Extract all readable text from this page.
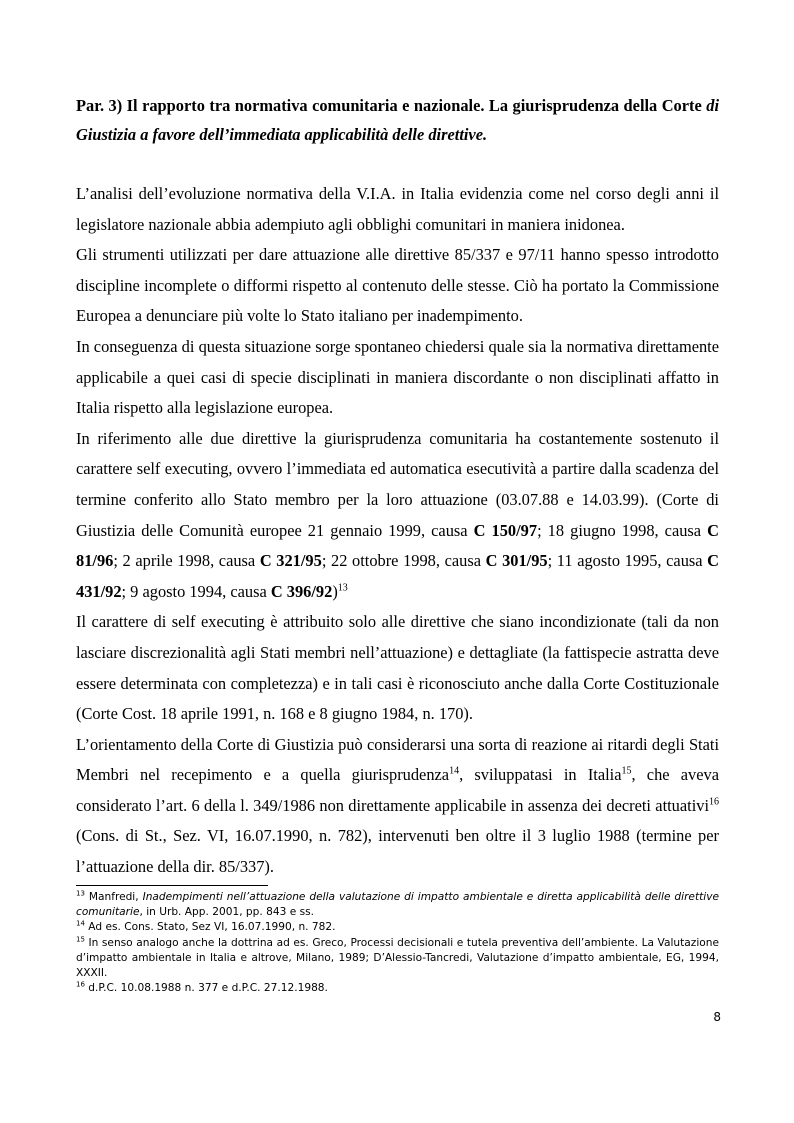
Par. 3) Il rapporto tra normativa comunitaria e nazionale. La giurisprudenza della Corte di Giustizia a favore dell’immediata applicabilità delle direttive.

L’analisi dell’evoluzione normativa della V.I.A. in Italia evidenzia come nel corso degli anni il legislatore nazionale abbia adempiuto agli obblighi comunitari in maniera inidonea.

Gli strumenti utilizzati per dare attuazione alle direttive 85/337 e 97/11 hanno spesso introdotto discipline incomplete o difformi rispetto al contenuto delle stesse. Ciò ha portato la Commissione Europea a denunciare più volte lo Stato italiano per inadempimento.

In conseguenza di questa situazione sorge spontaneo chiedersi quale sia la normativa direttamente applicabile a quei casi di specie disciplinati in maniera discordante o non disciplinati affatto in Italia rispetto alla legislazione europea.

In riferimento alle due direttive la giurisprudenza comunitaria ha costantemente sostenuto il carattere self executing, ovvero l’immediata ed automatica esecutività a partire dalla scadenza del termine conferito allo Stato membro per la loro attuazione (03.07.88 e 14.03.99). (Corte di Giustizia delle Comunità europee 21 gennaio 1999, causa C 150/97; 18 giugno 1998, causa C 81/96; 2 aprile 1998, causa C 321/95; 22 ottobre 1998, causa C 301/95; 11 agosto 1995, causa C 431/92; 9 agosto 1994, causa C 396/92)$^{13}$

Il carattere di self executing è attribuito solo alle direttive che siano incondizionate (tali da non lasciare discrezionalità agli Stati membri nell’attuazione) e dettagliate (la fattispecie astratta deve essere determinata con completezza) e in tali casi è riconosciuto anche dalla Corte Costituzionale (Corte Cost. 18 aprile 1991, n. 168 e 8 giugno 1984, n. 170).

L’orientamento della Corte di Giustizia può considerarsi una sorta di reazione ai ritardi degli Stati Membri nel recepimento e a quella giurisprudenza$^{14}$, sviluppatasi in Italia$^{15}$, che aveva considerato l’art. 6 della l. 349/1986 non direttamente applicabile in assenza dei decreti attuativi$^{16}$ (Cons. di St., Sez. VI, 16.07.1990, n. 782), intervenuti ben oltre il 3 luglio 1988 (termine per l’attuazione della dir. 85/337).

$^{13}$ Manfredi, Inadempimenti nell’attuazione della valutazione di impatto ambientale e diretta applicabilità delle direttive comunitarie, in Urb. App. 2001, pp. 843 e ss.

$^{14}$ Ad es. Cons. Stato, Sez VI, 16.07.1990, n. 782.

$^{15}$ In senso analogo anche la dottrina ad es. Greco, Processi decisionali e tutela preventiva dell’ambiente. La Valutazione d’impatto ambientale in Italia e altrove, Milano, 1989; D’Alessio-Tancredi, Valutazione d’impatto ambientale, EG, 1994, XXXII.

$^{16}$ d.P.C. 10.08.1988 n. 377 e d.P.C. 27.12.1988.

8
